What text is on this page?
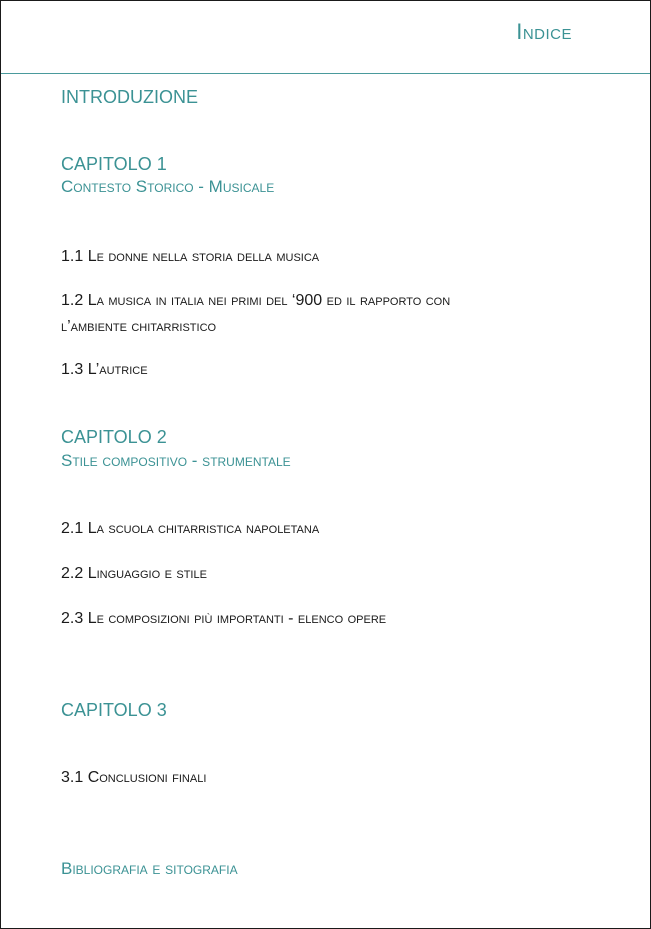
Indice
INTRODUZIONE
CAPITOLO 1
Contesto Storico - Musicale
1.1 Le donne nella storia della musica
1.2 La musica in italia nei primi del ‘900 ed il rapporto con l’ambiente chitarristico
1.3 L’autrice
CAPITOLO 2
Stile compositivo - strumentale
2.1 La scuola chitarristica napoletana
2.2 Linguaggio e stile
2.3 Le composizioni più importanti - elenco opere
CAPITOLO 3
3.1 Conclusioni finali
Bibliografia e sitografia
